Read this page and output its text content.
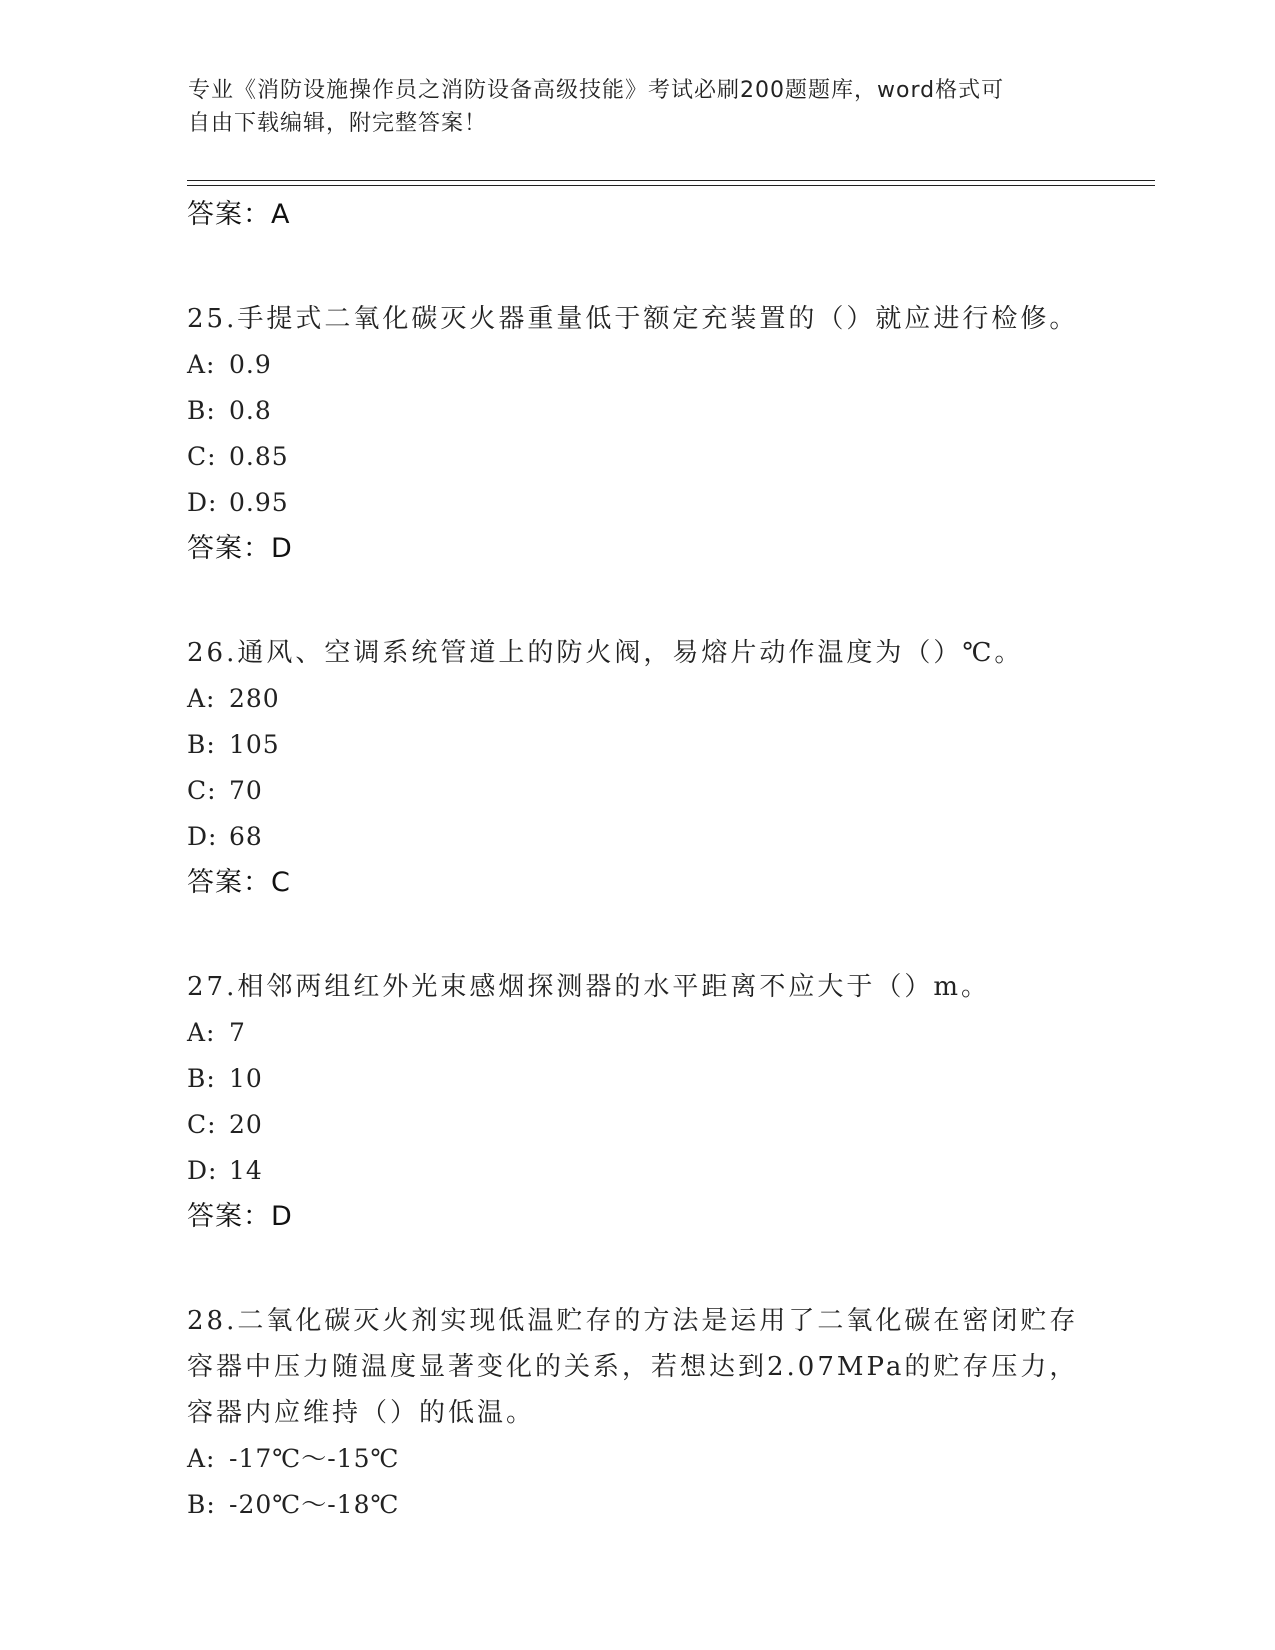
专业《消防设施操作员之消防设备高级技能》考试必刷200题题库，word格式可
自由下载编辑，附完整答案！
答案：A
25.手提式二氧化碳灭火器重量低于额定充装置的（）就应进行检修。
A: 0.9
B: 0.8
C: 0.85
D: 0.95
答案：D
26.通风、空调系统管道上的防火阀，易熔片动作温度为（）℃。
A: 280
B: 105
C: 70
D: 68
答案：C
27.相邻两组红外光束感烟探测器的水平距离不应大于（）m。
A: 7
B: 10
C: 20
D: 14
答案：D
28.二氧化碳灭火剂实现低温贮存的方法是运用了二氧化碳在密闭贮存
容器中压力随温度显著变化的关系，若想达到2.07MPa的贮存压力，
容器内应维持（）的低温。
A: -17℃～-15℃
B: -20℃～-18℃
